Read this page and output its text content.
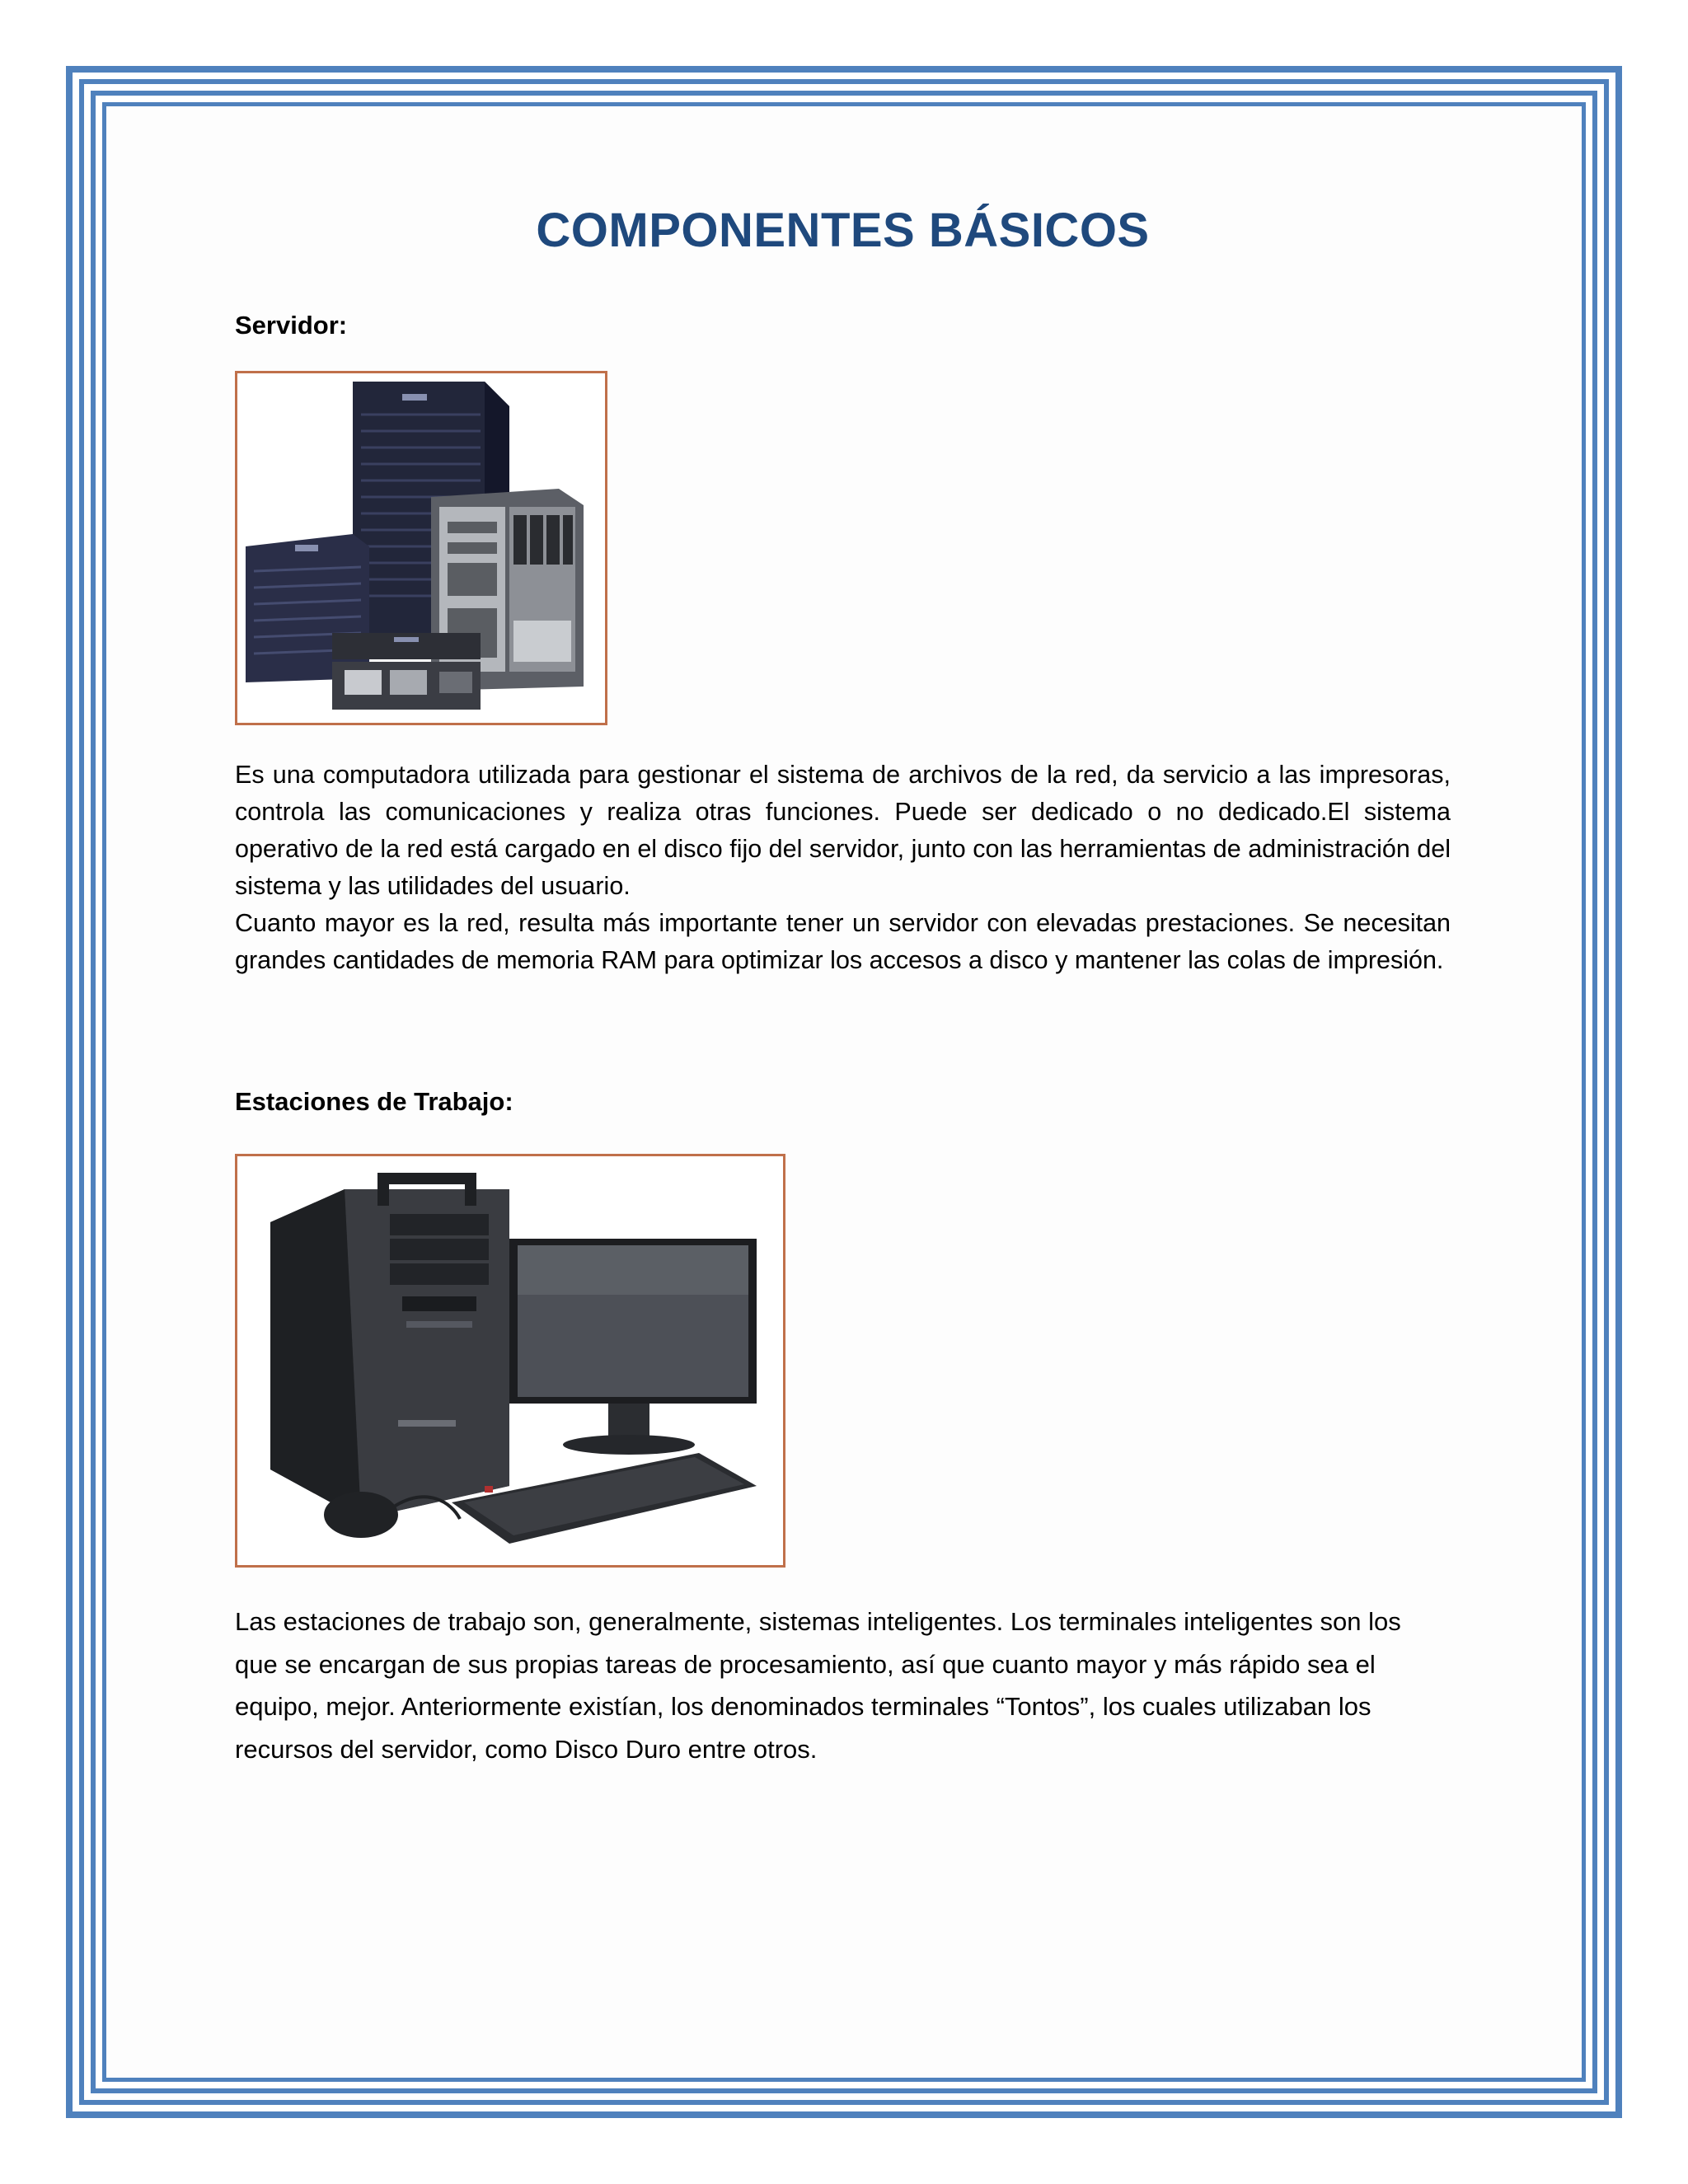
COMPONENTES BÁSICOS
Servidor:

Es una computadora utilizada para gestionar el sistema de archivos de la red, da servicio a las impresoras, controla las comunicaciones y realiza otras funciones. Puede ser dedicado o no dedicado.El sistema operativo de la red está cargado en el disco fijo del servidor, junto con las herramientas de administración del sistema y las utilidades del usuario.

Cuanto mayor es la red, resulta más importante tener un servidor con elevadas prestaciones. Se necesitan grandes cantidades de memoria RAM para optimizar los accesos a disco y mantener las colas de impresión.

Estaciones de Trabajo:

Las estaciones de trabajo son, generalmente, sistemas inteligentes. Los terminales inteligentes son los que se encargan de sus propias tareas de procesamiento, así que cuanto mayor y más rápido sea el equipo, mejor. Anteriormente existían, los denominados terminales “Tontos”, los cuales utilizaban los recursos del servidor, como Disco Duro entre otros.
